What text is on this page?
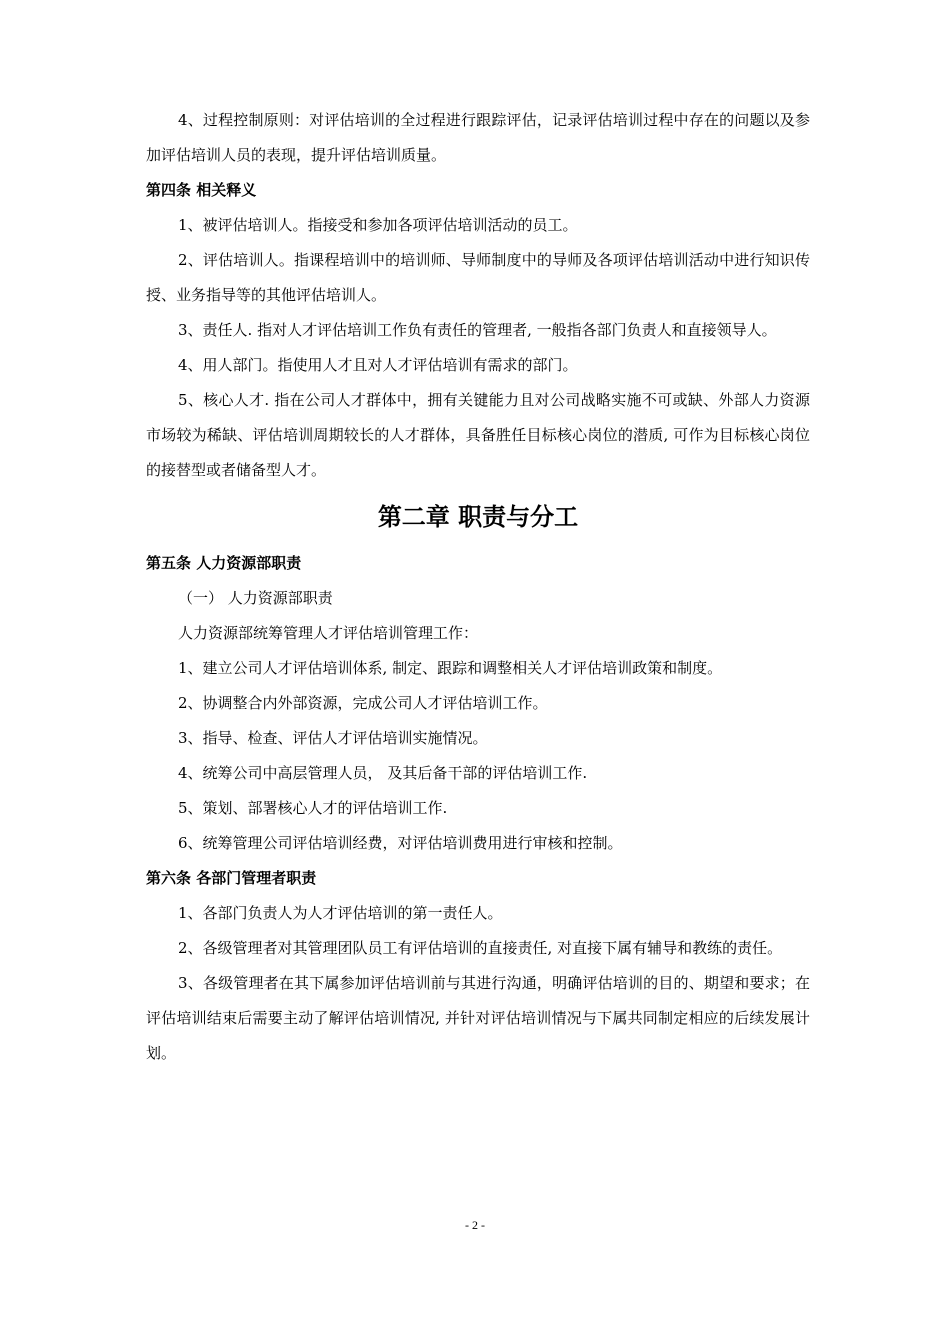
4、过程控制原则：对评估培训的全过程进行跟踪评估，记录评估培训过程中存在的问题以及参加评估培训人员的表现，提升评估培训质量。

第四条 相关释义

1、被评估培训人。指接受和参加各项评估培训活动的员工。

2、评估培训人。指课程培训中的培训师、导师制度中的导师及各项评估培训活动中进行知识传授、业务指导等的其他评估培训人。

3、责任人. 指对人才评估培训工作负有责任的管理者, 一般指各部门负责人和直接领导人。

4、用人部门。指使用人才且对人才评估培训有需求的部门。

5、核心人才. 指在公司人才群体中，拥有关键能力且对公司战略实施不可或缺、外部人力资源市场较为稀缺、评估培训周期较长的人才群体，具备胜任目标核心岗位的潜质, 可作为目标核心岗位的接替型或者储备型人才。

第二章 职责与分工

第五条 人力资源部职责

（一） 人力资源部职责

人力资源部统筹管理人才评估培训管理工作：

1、建立公司人才评估培训体系, 制定、跟踪和调整相关人才评估培训政策和制度。

2、协调整合内外部资源，完成公司人才评估培训工作。

3、指导、检查、评估人才评估培训实施情况。

4、统筹公司中高层管理人员， 及其后备干部的评估培训工作.

5、策划、部署核心人才的评估培训工作.

6、统筹管理公司评估培训经费，对评估培训费用进行审核和控制。

第六条 各部门管理者职责

1、各部门负责人为人才评估培训的第一责任人。

2、各级管理者对其管理团队员工有评估培训的直接责任, 对直接下属有辅导和教练的责任。

3、各级管理者在其下属参加评估培训前与其进行沟通，明确评估培训的目的、期望和要求；在评估培训结束后需要主动了解评估培训情况, 并针对评估培训情况与下属共同制定相应的后续发展计划。

- 2 -
